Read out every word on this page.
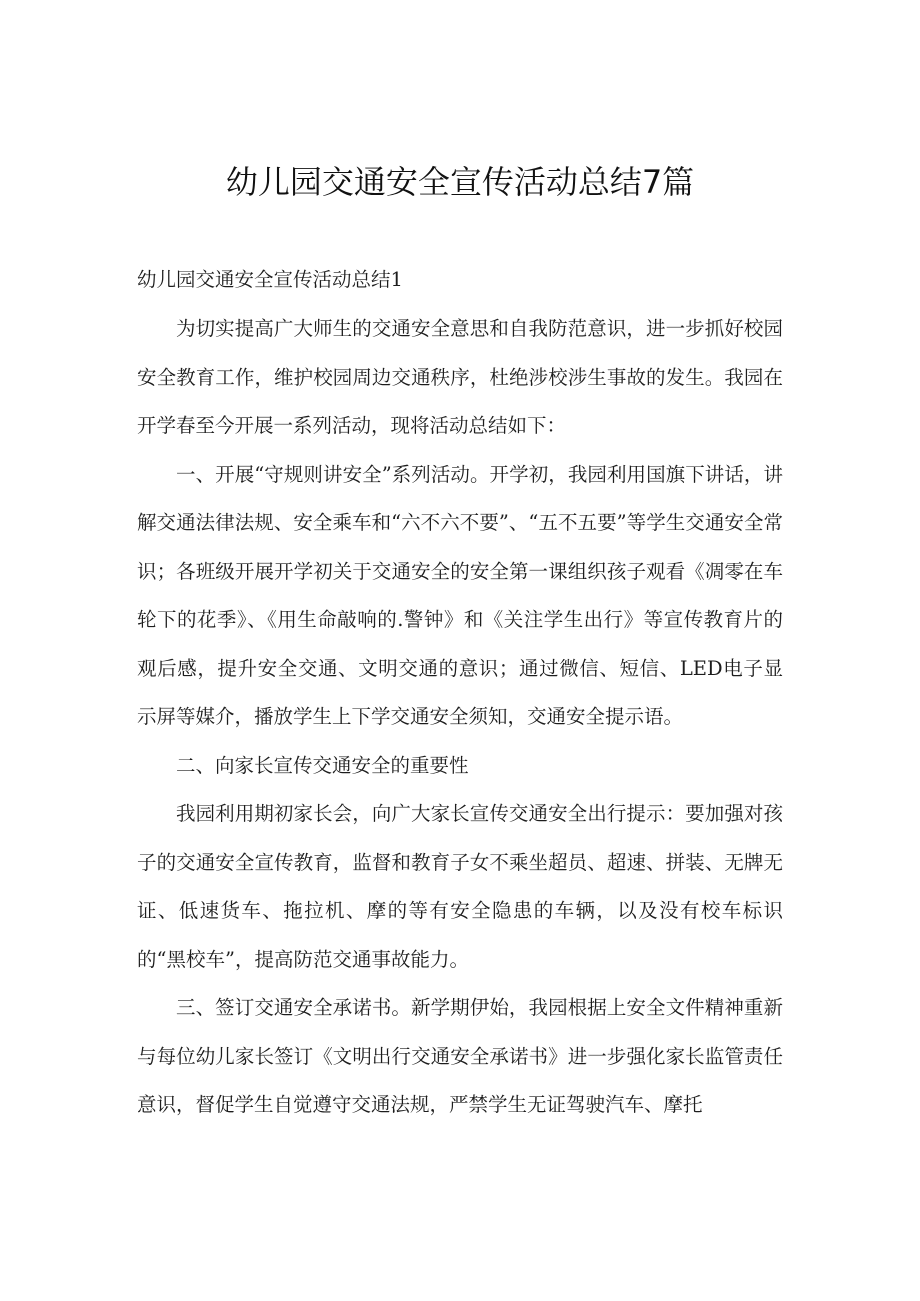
幼儿园交通安全宣传活动总结7篇
幼儿园交通安全宣传活动总结1

为切实提高广大师生的交通安全意思和自我防范意识，进一步抓好校园安全教育工作，维护校园周边交通秩序，杜绝涉校涉生事故的发生。我园在开学春至今开展一系列活动，现将活动总结如下：

一、开展“守规则讲安全”系列活动。开学初，我园利用国旗下讲话，讲解交通法律法规、安全乘车和“六不六不要”、“五不五要”等学生交通安全常识；各班级开展开学初关于交通安全的安全第一课组织孩子观看《凋零在车轮下的花季》、《用生命敲响的.警钟》和《关注学生出行》等宣传教育片的观后感，提升安全交通、文明交通的意识；通过微信、短信、LED电子显示屏等媒介，播放学生上下学交通安全须知，交通安全提示语。

二、向家长宣传交通安全的重要性

我园利用期初家长会，向广大家长宣传交通安全出行提示：要加强对孩子的交通安全宣传教育，监督和教育子女不乘坐超员、超速、拼装、无牌无证、低速货车、拖拉机、摩的等有安全隐患的车辆，以及没有校车标识的“黑校车”，提高防范交通事故能力。

三、签订交通安全承诺书。新学期伊始，我园根据上安全文件精神重新与每位幼儿家长签订《文明出行交通安全承诺书》进一步强化家长监管责任意识，督促学生自觉遵守交通法规，严禁学生无证驾驶汽车、摩托
